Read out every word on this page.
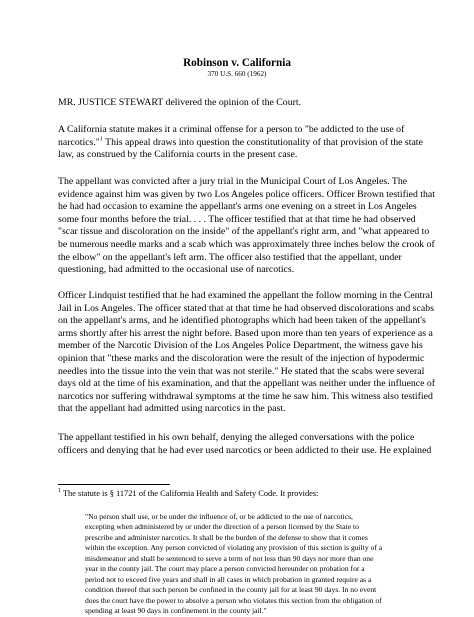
Robinson v. California
370 U.S. 660 (1962)

MR. JUSTICE STEWART delivered the opinion of the Court.

A California statute makes it a criminal offense for a person to "be addicted to the use of
narcotics."$^1$ This appeal draws into question the constitutionality of that provision of the state
law, as construed by the California courts in the present case.

The appellant was convicted after a jury trial in the Municipal Court of Los Angeles. The
evidence against him was given by two Los Angeles police officers. Officer Brown testified that
he had had occasion to examine the appellant's arms one evening on a street in Los Angeles
some four months before the trial. . . . The officer testified that at that time he had observed
"scar tissue and discoloration on the inside" of the appellant's right arm, and "what appeared to
be numerous needle marks and a scab which was approximately three inches below the crook of
the elbow" on the appellant's left arm. The officer also testified that the appellant, under
questioning, had admitted to the occasional use of narcotics.

Officer Lindquist testified that he had examined the appellant the follow morning in the Central
Jail in Los Angeles. The officer stated that at that time he had observed discolorations and scabs
on the appellant's arms, and he identified photographs which had been taken of the appellant's
arms shortly after his arrest the night before. Based upon more than ten years of experience as a
member of the Narcotic Division of the Los Angeles Police Department, the witness gave his
opinion that "these marks and the discoloration were the result of the injection of hypodermic
needles into the tissue into the vein that was not sterile." He stated that the scabs were several
days old at the time of his examination, and that the appellant was neither under the influence of
narcotics nor suffering withdrawal symptoms at the time he saw him. This witness also testified
that the appellant had admitted using narcotics in the past.

The appellant testified in his own behalf, denying the alleged conversations with the police
officers and denying that he had ever used narcotics or been addicted to their use. He explained

$^1$ The statute is § 11721 of the California Health and Safety Code. It provides:
"No person shall use, or be under the influence of, or be addicted to the use of narcotics,
excepting when administered by or under the direction of a person licensed by the State to
prescribe and administer narcotics. It shall be the burden of the defense to show that it comes
within the exception. Any person convicted of violating any provision of this section is guilty of a
misdemeanor and shall be sentenced to serve a term of not less than 90 days nor more than one
year in the county jail. The court may place a person convicted hereunder on probation for a
period not to exceed five years and shall in all cases in which probation in granted require as a
condition thereof that such person be confined in the county jail for at least 90 days. In no event
does the court have the power to absolve a person who violates this section from the obligation of
spending at least 90 days in confinement in the county jail."
